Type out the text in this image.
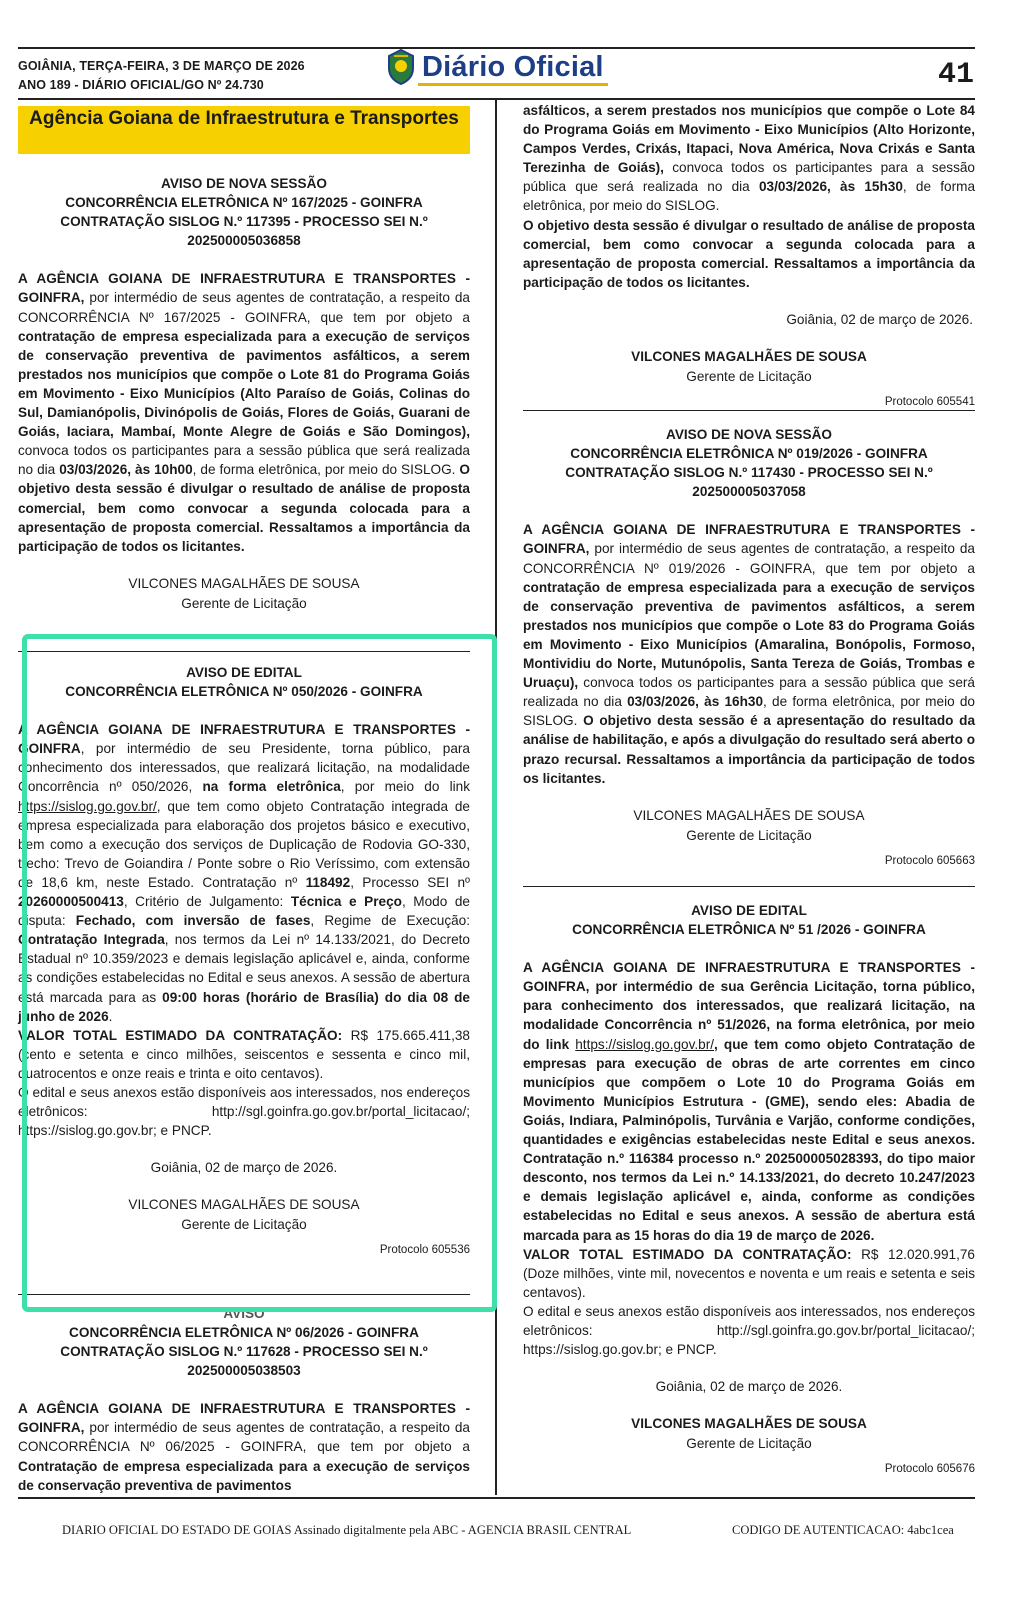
GOIÂNIA, TERÇA-FEIRA, 3 DE MARÇO DE 2026
ANO 189 - DIÁRIO OFICIAL/GO Nº 24.730
Diário Oficial	41
Agência Goiana de Infraestrutura e Transportes
AVISO DE NOVA SESSÃO
CONCORRÊNCIA ELETRÔNICA Nº 167/2025 - GOINFRA
CONTRATAÇÃO SISLOG N.º 117395 - PROCESSO SEI N.º
202500005036858

A AGÊNCIA GOIANA DE INFRAESTRUTURA E TRANSPORTES - GOINFRA, por intermédio de seus agentes de contratação, a respeito da CONCORRÊNCIA Nº 167/2025 - GOINFRA, que tem por objeto a contratação de empresa especializada para a execução de serviços de conservação preventiva de pavimentos asfálticos, a serem prestados nos municípios que compõe o Lote 81 do Programa Goiás em Movimento - Eixo Municípios (Alto Paraíso de Goiás, Colinas do Sul, Damianópolis, Divinópolis de Goiás, Flores de Goiás, Guarani de Goiás, Iaciara, Mambaí, Monte Alegre de Goiás e São Domingos), convoca todos os participantes para a sessão pública que será realizada no dia 03/03/2026, às 10h00, de forma eletrônica, por meio do SISLOG. O objetivo desta sessão é divulgar o resultado de análise de proposta comercial, bem como convocar a segunda colocada para a apresentação de proposta comercial. Ressaltamos a importância da participação de todos os licitantes.

VILCONES MAGALHÃES DE SOUSA
Gerente de Licitação
AVISO DE EDITAL
CONCORRÊNCIA ELETRÔNICA Nº 050/2026 - GOINFRA

A AGÊNCIA GOIANA DE INFRAESTRUTURA E TRANSPORTES - GOINFRA, por intermédio de seu Presidente, torna público, para conhecimento dos interessados, que realizará licitação, na modalidade Concorrência nº 050/2026, na forma eletrônica, por meio do link https://sislog.go.gov.br/, que tem como objeto Contratação integrada de empresa especializada para elaboração dos projetos básico e executivo, bem como a execução dos serviços de Duplicação de Rodovia GO-330, trecho: Trevo de Goiandira / Ponte sobre o Rio Veríssimo, com extensão de 18,6 km, neste Estado. Contratação nº 118492, Processo SEI nº 20260000500413, Critério de Julgamento: Técnica e Preço, Modo de disputa: Fechado, com inversão de fases, Regime de Execução: Contratação Integrada, nos termos da Lei nº 14.133/2021, do Decreto Estadual nº 10.359/2023 e demais legislação aplicável e, ainda, conforme as condições estabelecidas no Edital e seus anexos. A sessão de abertura está marcada para as 09:00 horas (horário de Brasília) do dia 08 de junho de 2026.

VALOR TOTAL ESTIMADO DA CONTRATAÇÃO: R$ 175.665.411,38 (cento e setenta e cinco milhões, seiscentos e sessenta e cinco mil, quatrocentos e onze reais e trinta e oito centavos).

O edital e seus anexos estão disponíveis aos interessados, nos endereços eletrônicos: http://sgl.goinfra.go.gov.br/portal_licitacao/; https://sislog.go.gov.br; e PNCP.

Goiânia, 02 de março de 2026.
VILCONES MAGALHÃES DE SOUSA
Gerente de Licitação
Protocolo 605536
AVISO
CONCORRÊNCIA ELETRÔNICA Nº 06/2026 - GOINFRA
CONTRATAÇÃO SISLOG N.º 117628 - PROCESSO SEI N.º
202500005038503

A AGÊNCIA GOIANA DE INFRAESTRUTURA E TRANSPORTES - GOINFRA, por intermédio de seus agentes de contratação, a respeito da CONCORRÊNCIA Nº 06/2025 - GOINFRA, que tem por objeto a Contratação de empresa especializada para a execução de serviços de conservação preventiva de pavimentos

asfálticos, a serem prestados nos municípios que compõe o Lote 84 do Programa Goiás em Movimento - Eixo Municípios (Alto Horizonte, Campos Verdes, Crixás, Itapaci, Nova América, Nova Crixás e Santa Terezinha de Goiás), convoca todos os participantes para a sessão pública que será realizada no dia 03/03/2026, às 15h30, de forma eletrônica, por meio do SISLOG.

O objetivo desta sessão é divulgar o resultado de análise de proposta comercial, bem como convocar a segunda colocada para a apresentação de proposta comercial. Ressaltamos a importância da participação de todos os licitantes.

Goiânia, 02 de março de 2026.
VILCONES MAGALHÃES DE SOUSA
Gerente de Licitação
Protocolo 605541
AVISO DE NOVA SESSÃO
CONCORRÊNCIA ELETRÔNICA Nº 019/2026 - GOINFRA
CONTRATAÇÃO SISLOG N.º 117430 - PROCESSO SEI N.º
202500005037058

A AGÊNCIA GOIANA DE INFRAESTRUTURA E TRANSPORTES - GOINFRA, por intermédio de seus agentes de contratação, a respeito da CONCORRÊNCIA Nº 019/2026 - GOINFRA, que tem por objeto a contratação de empresa especializada para a execução de serviços de conservação preventiva de pavimentos asfálticos, a serem prestados nos municípios que compõe o Lote 83 do Programa Goiás em Movimento - Eixo Municípios (Amaralina, Bonópolis, Formoso, Montividiu do Norte, Mutunópolis, Santa Tereza de Goiás, Trombas e Uruaçu), convoca todos os participantes para a sessão pública que será realizada no dia 03/03/2026, às 16h30, de forma eletrônica, por meio do SISLOG. O objetivo desta sessão é a apresentação do resultado da análise de habilitação, e após a divulgação do resultado será aberto o prazo recursal. Ressaltamos a importância da participação de todos os licitantes.

VILCONES MAGALHÃES DE SOUSA
Gerente de Licitação
Protocolo 605663
AVISO DE EDITAL
CONCORRÊNCIA ELETRÔNICA Nº 51 /2026 - GOINFRA

A AGÊNCIA GOIANA DE INFRAESTRUTURA E TRANSPORTES - GOINFRA, por intermédio de sua Gerência Licitação, torna público, para conhecimento dos interessados, que realizará licitação, na modalidade Concorrência nº 51/2026, na forma eletrônica, por meio do link https://sislog.go.gov.br/, que tem como objeto Contratação de empresas para execução de obras de arte correntes em cinco municípios que compõem o Lote 10 do Programa Goiás em Movimento Municípios Estrutura - (GME), sendo eles: Abadia de Goiás, Indiara, Palminópolis, Turvânia e Varjão, conforme condições, quantidades e exigências estabelecidas neste Edital e seus anexos. Contratação n.º 116384 processo n.º 202500005028393, do tipo maior desconto, nos termos da Lei n.º 14.133/2021, do decreto 10.247/2023 e demais legislação aplicável e, ainda, conforme as condições estabelecidas no Edital e seus anexos. A sessão de abertura está marcada para as 15 horas do dia 19 de março de 2026.

VALOR TOTAL ESTIMADO DA CONTRATAÇÃO: R$ 12.020.991,76 (Doze milhões, vinte mil, novecentos e noventa e um reais e setenta e seis centavos).

O edital e seus anexos estão disponíveis aos interessados, nos endereços eletrônicos: http://sgl.goinfra.go.gov.br/portal_licitacao/; https://sislog.go.gov.br; e PNCP.

Goiânia, 02 de março de 2026.
VILCONES MAGALHÃES DE SOUSA
Gerente de Licitação
Protocolo 605676
DIARIO OFICIAL DO ESTADO DE GOIAS Assinado digitalmente pela ABC - AGENCIA BRASIL CENTRAL	CODIGO DE AUTENTICACAO: 4abc1cea
